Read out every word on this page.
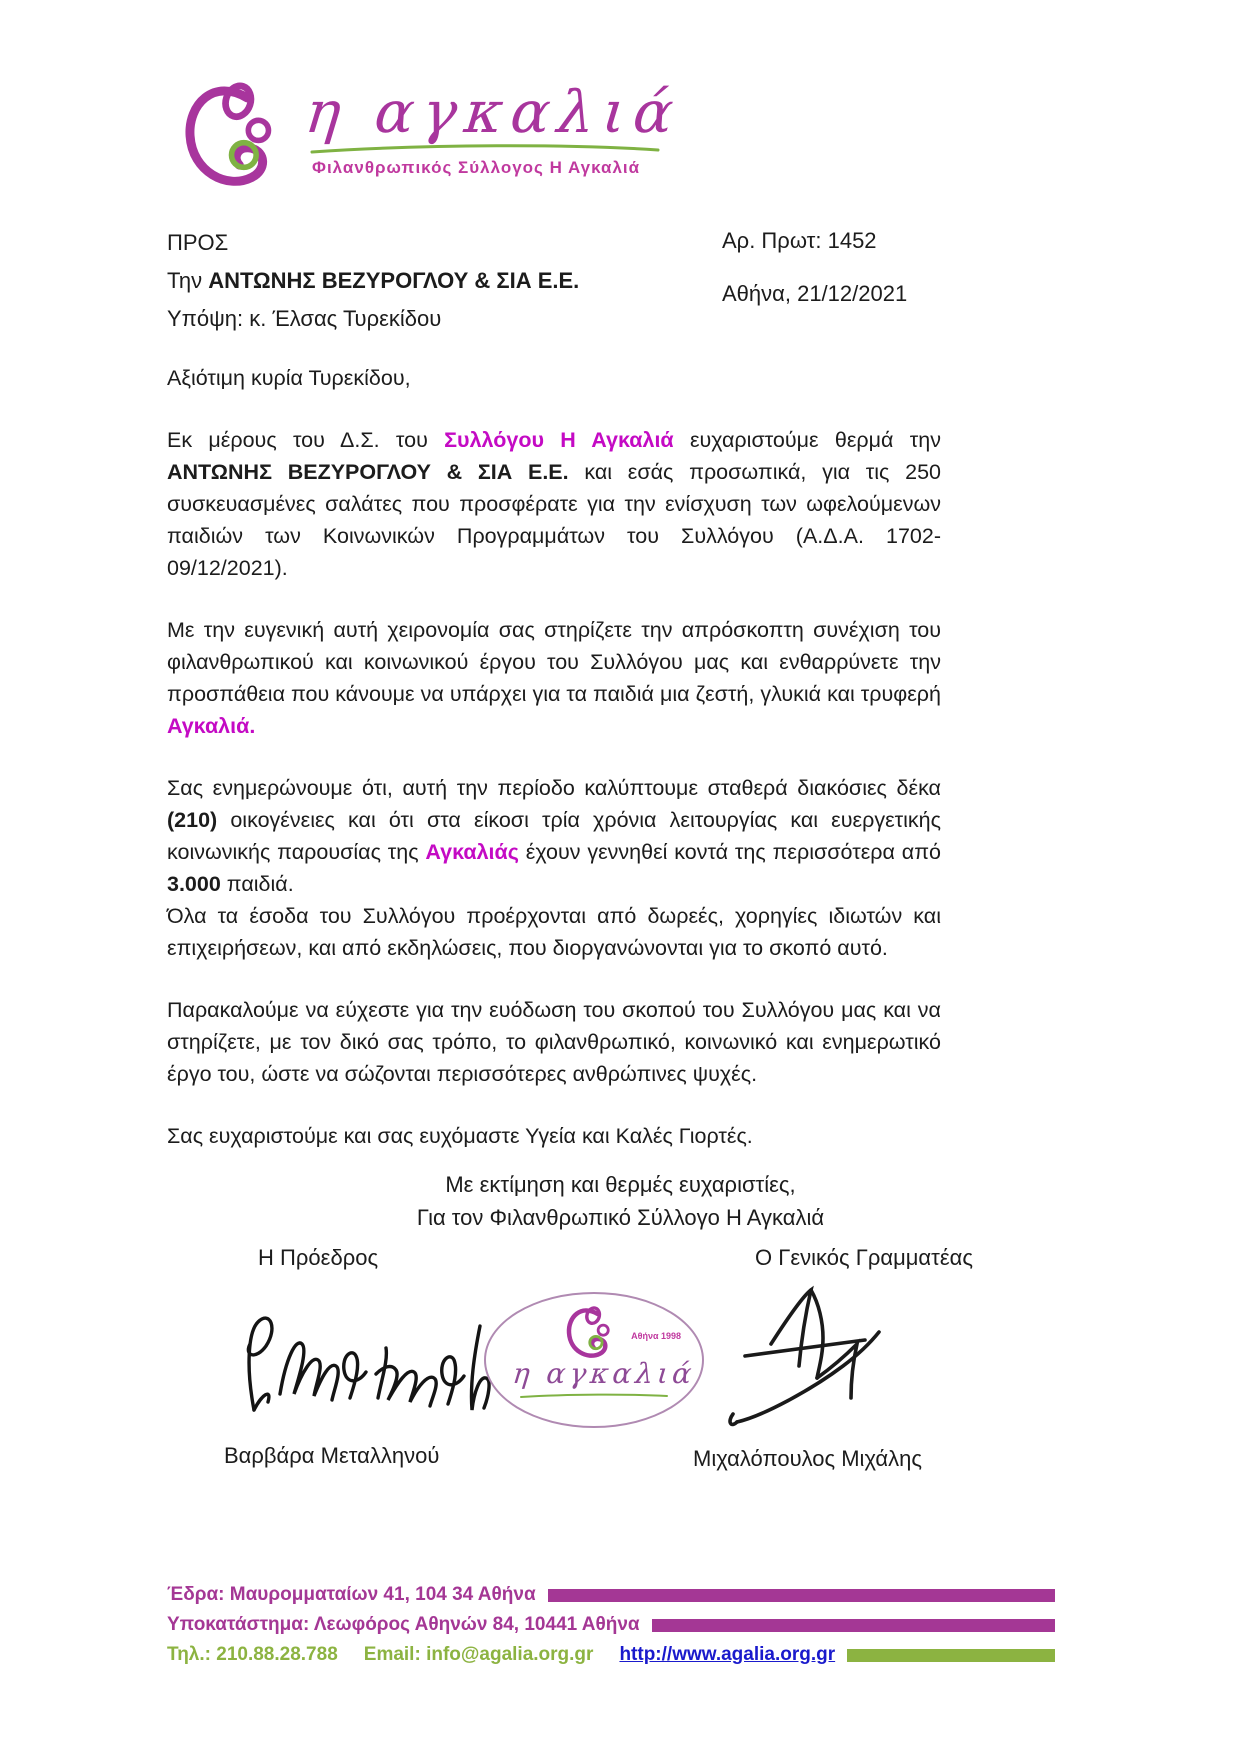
η αγκαλιά
Φιλανθρωπικός Σύλλογος Η Αγκαλιά
ΠΡΟΣ
Την ΑΝΤΩΝΗΣ ΒΕΖΥΡΟΓΛΟΥ & ΣΙΑ Ε.Ε.
Υπόψη: κ. Έλσας Τυρεκίδου
Αρ. Πρωτ: 1452
Αθήνα, 21/12/2021

Αξιότιμη κυρία Τυρεκίδου,

Εκ μέρους του Δ.Σ. του Συλλόγου Η Αγκαλιά ευχαριστούμε θερμά την ΑΝΤΩΝΗΣ ΒΕΖΥΡΟΓΛΟΥ & ΣΙΑ Ε.Ε. και εσάς προσωπικά, για τις 250 συσκευασμένες σαλάτες που προσφέρατε για την ενίσχυση των ωφελούμενων παιδιών των Κοινωνικών Προγραμμάτων του Συλλόγου (Α.Δ.Α. 1702-09/12/2021).

Με την ευγενική αυτή χειρονομία σας στηρίζετε την απρόσκοπτη συνέχιση του φιλανθρωπικού και κοινωνικού έργου του Συλλόγου μας και ενθαρρύνετε την προσπάθεια που κάνουμε να υπάρχει για τα παιδιά μια ζεστή, γλυκιά και τρυφερή Αγκαλιά.

Σας ενημερώνουμε ότι, αυτή την περίοδο καλύπτουμε σταθερά διακόσιες δέκα (210) οικογένειες και ότι στα είκοσι τρία χρόνια λειτουργίας και ευεργετικής κοινωνικής παρουσίας της Αγκαλιάς έχουν γεννηθεί κοντά της περισσότερα από 3.000 παιδιά.

Όλα τα έσοδα του Συλλόγου προέρχονται από δωρεές, χορηγίες ιδιωτών και επιχειρήσεων, και από εκδηλώσεις, που διοργανώνονται για το σκοπό αυτό.

Παρακαλούμε να εύχεστε για την ευόδωση του σκοπού του Συλλόγου μας και να στηρίζετε, με τον δικό σας τρόπο, το φιλανθρωπικό, κοινωνικό και ενημερωτικό έργο του, ώστε να σώζονται περισσότερες ανθρώπινες ψυχές.

Σας ευχαριστούμε και σας ευχόμαστε Υγεία και Καλές Γιορτές.

Με εκτίμηση και θερμές ευχαριστίες,
Για τον Φιλανθρωπικό Σύλλογο Η Αγκαλιά
Η Πρόεδρος	Ο Γενικός Γραμματέας
Αθήνα 1998
η αγκαλιά
Βαρβάρα Μεταλληνού	Μιχαλόπουλος Μιχάλης
Έδρα: Μαυρομματαίων 41, 104 34 Αθήνα
Υποκατάστημα: Λεωφόρος Αθηνών 84, 10441 Αθήνα
Τηλ.: 210.88.28.788 Email: info@agalia.org.gr http://www.agalia.org.gr
